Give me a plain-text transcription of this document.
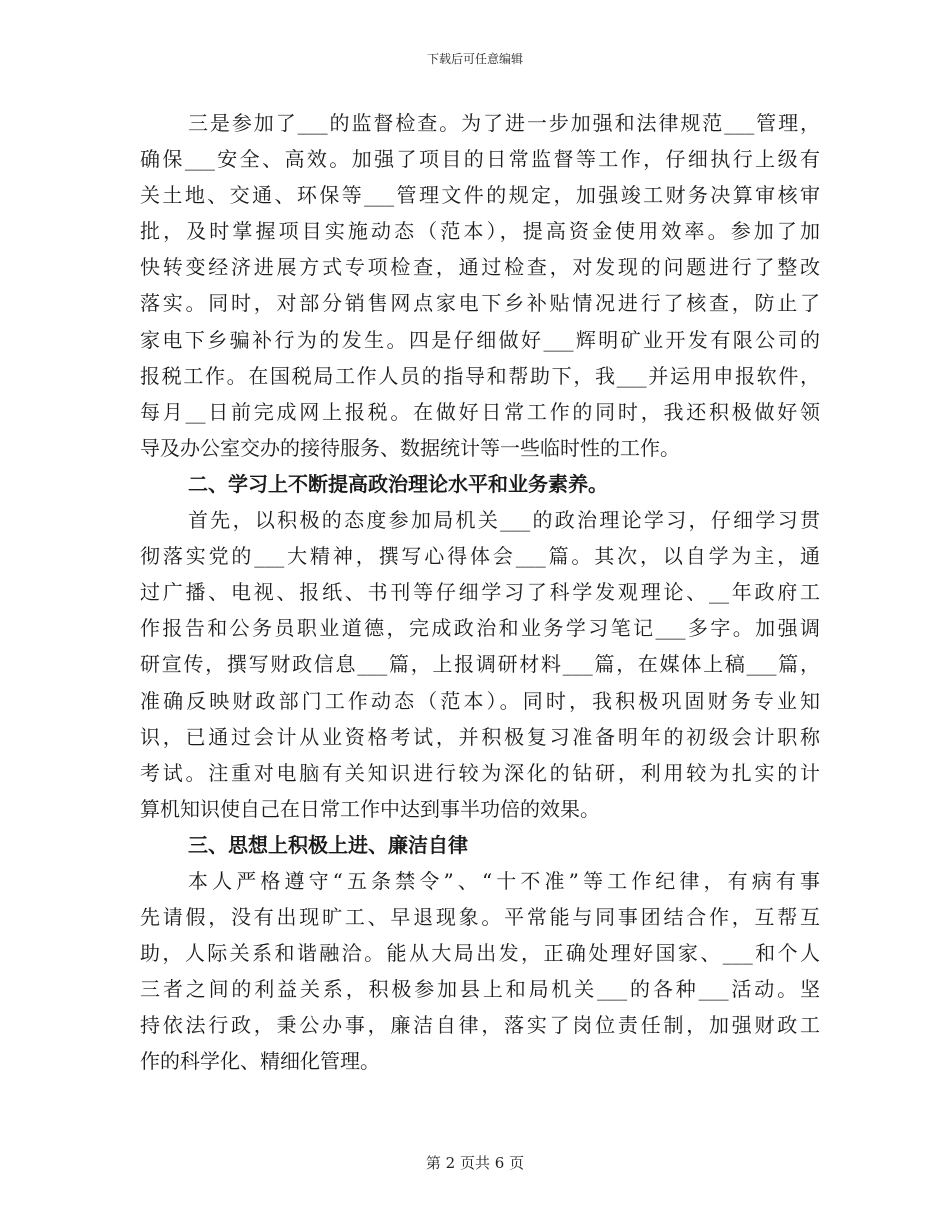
下载后可任意编辑
三是参加了___的监督检查。为了进一步加强和法律规范___管理，
确保___安全、高效。加强了项目的日常监督等工作，仔细执行上级有
关土地、交通、环保等___管理文件的规定，加强竣工财务决算审核审
批，及时掌握项目实施动态（范本），提高资金使用效率。参加了加
快转变经济进展方式专项检查，通过检查，对发现的问题进行了整改
落实。同时，对部分销售网点家电下乡补贴情况进行了核查，防止了
家电下乡骗补行为的发生。四是仔细做好___辉明矿业开发有限公司的
报税工作。在国税局工作人员的指导和帮助下，我___并运用申报软件，
每月__日前完成网上报税。在做好日常工作的同时，我还积极做好领
导及办公室交办的接待服务、数据统计等一些临时性的工作。
二、学习上不断提高政治理论水平和业务素养。
首先，以积极的态度参加局机关___的政治理论学习，仔细学习贯
彻落实党的___大精神，撰写心得体会___篇。其次，以自学为主，通
过广播、电视、报纸、书刊等仔细学习了科学发观理论、__年政府工
作报告和公务员职业道德，完成政治和业务学习笔记___多字。加强调
研宣传，撰写财政信息___篇，上报调研材料___篇，在媒体上稿___篇，
准确反映财政部门工作动态（范本）。同时，我积极巩固财务专业知
识，已通过会计从业资格考试，并积极复习准备明年的初级会计职称
考试。注重对电脑有关知识进行较为深化的钻研，利用较为扎实的计
算机知识使自己在日常工作中达到事半功倍的效果。
三、思想上积极上进、廉洁自律
本人严格遵守“五条禁令”、“十不准”等工作纪律，有病有事
先请假，没有出现旷工、早退现象。平常能与同事团结合作，互帮互
助，人际关系和谐融洽。能从大局出发，正确处理好国家、___和个人
三者之间的利益关系，积极参加县上和局机关___的各种___活动。坚
持依法行政，秉公办事，廉洁自律，落实了岗位责任制，加强财政工
作的科学化、精细化管理。
第 2 页共 6 页
